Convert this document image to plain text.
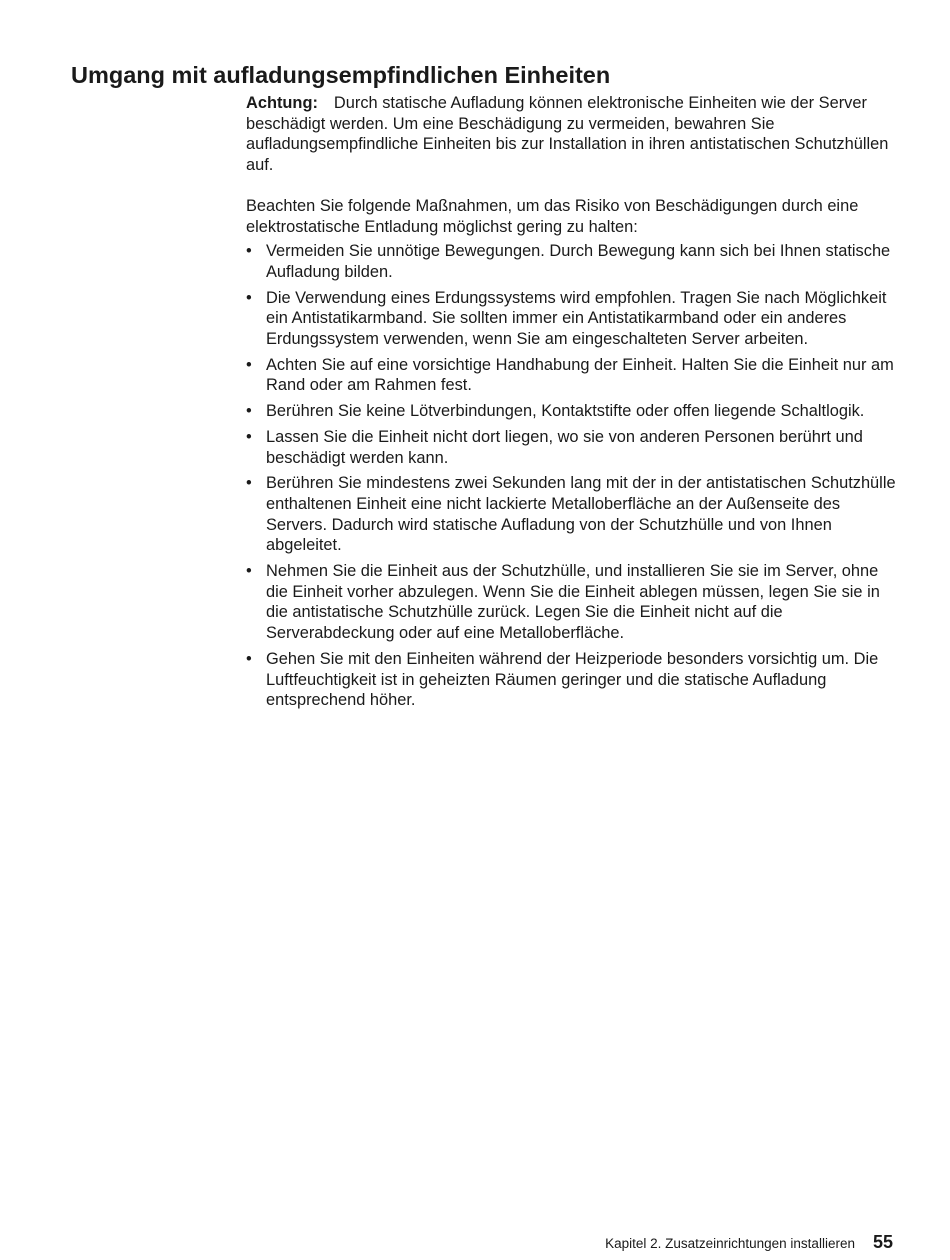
Umgang mit aufladungsempfindlichen Einheiten

Achtung: Durch statische Aufladung können elektronische Einheiten wie der Server beschädigt werden. Um eine Beschädigung zu vermeiden, bewahren Sie aufladungsempfindliche Einheiten bis zur Installation in ihren antistatischen Schutzhüllen auf.

Beachten Sie folgende Maßnahmen, um das Risiko von Beschädigungen durch eine elektrostatische Entladung möglichst gering zu halten:

• Vermeiden Sie unnötige Bewegungen. Durch Bewegung kann sich bei Ihnen statische Aufladung bilden.
• Die Verwendung eines Erdungssystems wird empfohlen. Tragen Sie nach Möglichkeit ein Antistatikarmband. Sie sollten immer ein Antistatikarmband oder ein anderes Erdungssystem verwenden, wenn Sie am eingeschalteten Server arbeiten.
• Achten Sie auf eine vorsichtige Handhabung der Einheit. Halten Sie die Einheit nur am Rand oder am Rahmen fest.
• Berühren Sie keine Lötverbindungen, Kontaktstifte oder offen liegende Schaltlogik.
• Lassen Sie die Einheit nicht dort liegen, wo sie von anderen Personen berührt und beschädigt werden kann.
• Berühren Sie mindestens zwei Sekunden lang mit der in der antistatischen Schutzhülle enthaltenen Einheit eine nicht lackierte Metalloberfläche an der Außenseite des Servers. Dadurch wird statische Aufladung von der Schutzhülle und von Ihnen abgeleitet.
• Nehmen Sie die Einheit aus der Schutzhülle, und installieren Sie sie im Server, ohne die Einheit vorher abzulegen. Wenn Sie die Einheit ablegen müssen, legen Sie sie in die antistatische Schutzhülle zurück. Legen Sie die Einheit nicht auf die Serverabdeckung oder auf eine Metalloberfläche.
• Gehen Sie mit den Einheiten während der Heizperiode besonders vorsichtig um. Die Luftfeuchtigkeit ist in geheizten Räumen geringer und die statische Aufladung entsprechend höher.
Kapitel 2. Zusatzeinrichtungen installieren 55
